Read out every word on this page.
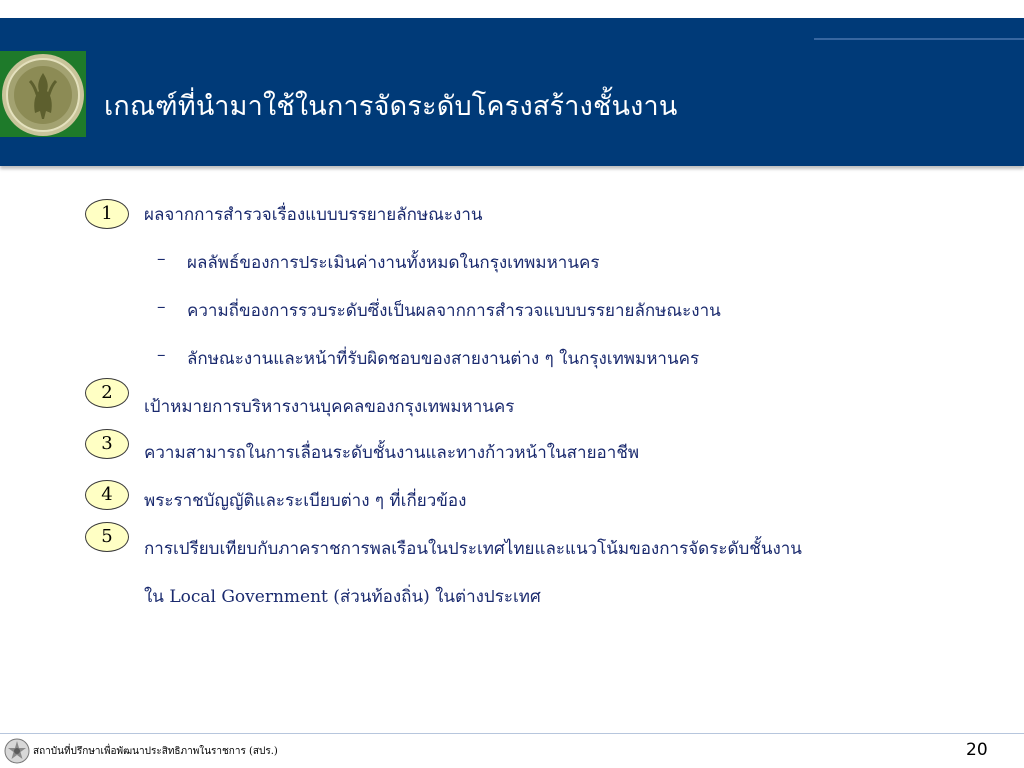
เกณฑ์ที่นำมาใช้ในการจัดระดับโครงสร้างชั้นงาน
1	ผลจากการสำรวจเรื่องแบบบรรยายลักษณะงาน
– ผลลัพธ์ของการประเมินค่างานทั้งหมดในกรุงเทพมหานคร
– ความถี่ของการรวบระดับซึ่งเป็นผลจากการสำรวจแบบบรรยายลักษณะงาน
– ลักษณะงานและหน้าที่รับผิดชอบของสายงานต่าง ๆ ในกรุงเทพมหานคร
2
เป้าหมายการบริหารงานบุคคลของกรุงเทพมหานคร
3	ความสามารถในการเลื่อนระดับชั้นงานและทางก้าวหน้าในสายอาชีพ
4	พระราชบัญญัติและระเบียบต่าง ๆ ที่เกี่ยวข้อง
5
การเปรียบเทียบกับภาคราชการพลเรือนในประเทศไทยและแนวโน้มของการจัดระดับชั้นงาน
ใน Local Government (ส่วนท้องถิ่น) ในต่างประเทศ
สถาบันที่ปรึกษาเพื่อพัฒนาประสิทธิภาพในราชการ (สปร.)	20
